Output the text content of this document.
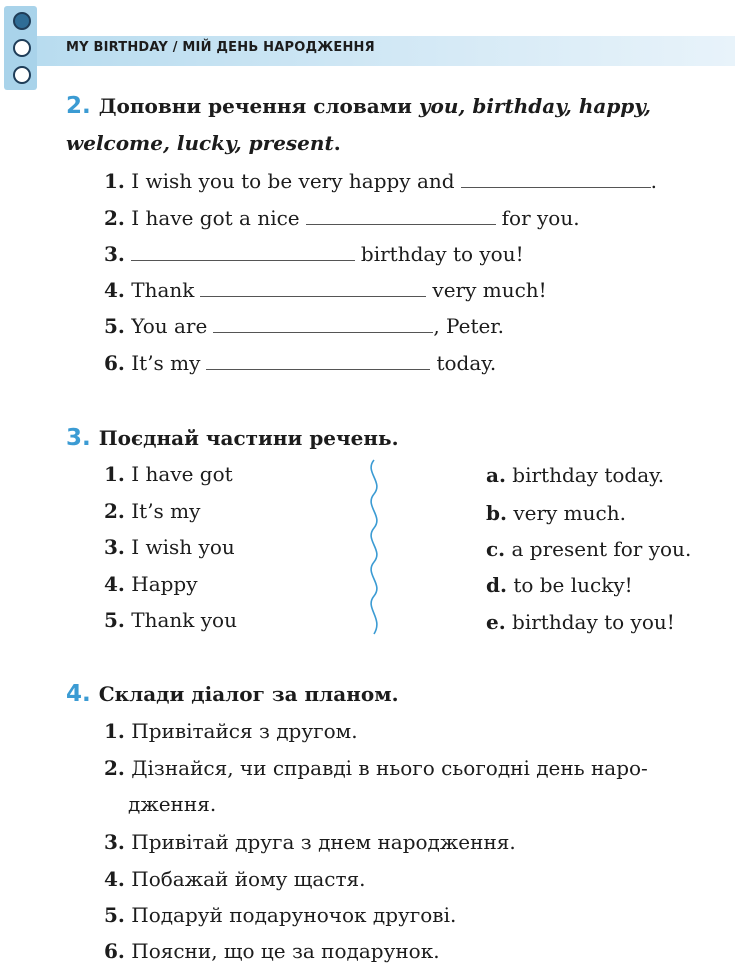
MY BIRTHDAY / МІЙ ДЕНЬ НАРОДЖЕННЯ
2. Доповни речення словами you, birthday, happy,
welcome, lucky, present.
1. I wish you to be very happy and	.
2. I have got a nice	for you.
3.	birthday to you!
4. Thank	very much!
5. You are	, Peter.
6. It’s my	today.
3. Поєднай частини речень.
1. I have got
2. It’s my
3. I wish you
4. Happy
5. Thank you
a. birthday today.
b. very much.
c. a present for you.
d. to be lucky!
e. birthday to you!
4. Склади діалог за планом.
1. Привітайся з другом.
2. Дізнайся, чи справді в нього сьогодні день наро-
дження.
3. Привітай друга з днем народження.
4. Побажай йому щастя.
5. Подаруй подаруночок другові.
6. Поясни, що це за подарунок.
